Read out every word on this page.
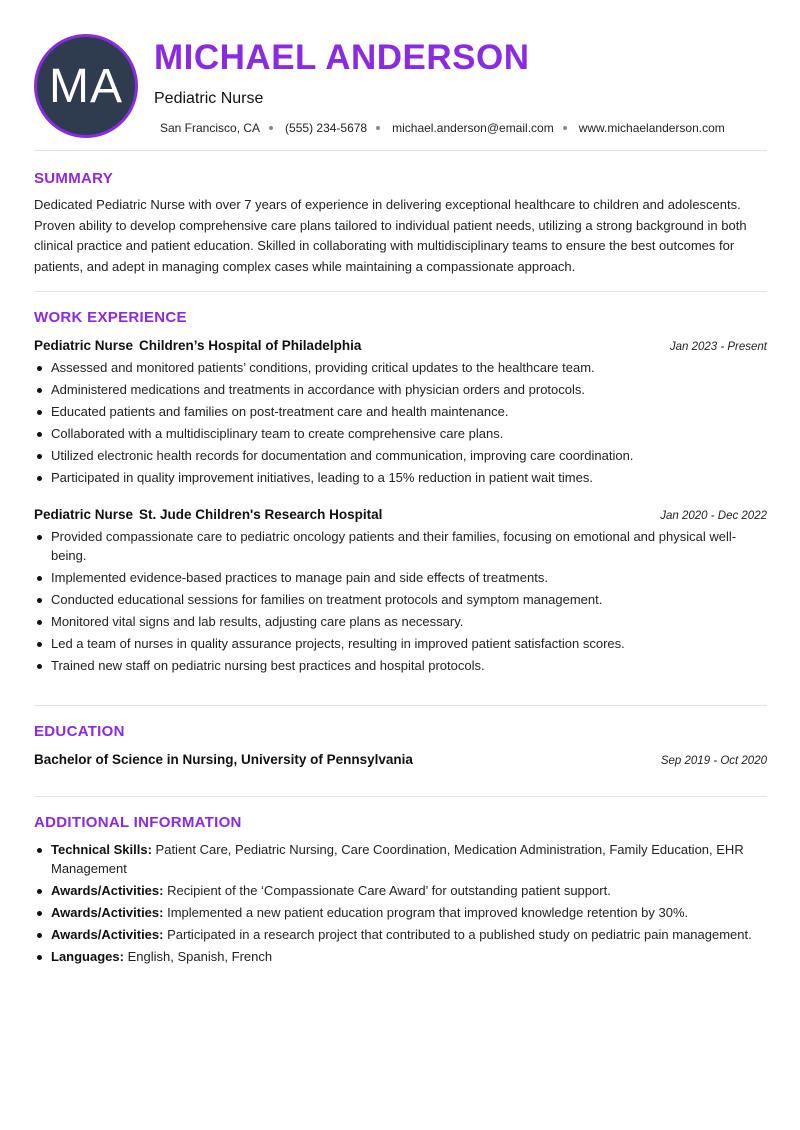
MA
MICHAEL ANDERSON
Pediatric Nurse
San Francisco, CA (555) 234-5678 michael.anderson@email.com www.michaelanderson.com
SUMMARY
Dedicated Pediatric Nurse with over 7 years of experience in delivering exceptional healthcare to children and adolescents. Proven ability to develop comprehensive care plans tailored to individual patient needs, utilizing a strong background in both clinical practice and patient education. Skilled in collaborating with multidisciplinary teams to ensure the best outcomes for patients, and adept in managing complex cases while maintaining a compassionate approach.
WORK EXPERIENCE
Pediatric Nurse Children’s Hospital of Philadelphia	Jan 2023 - Present
Assessed and monitored patients’ conditions, providing critical updates to the healthcare team.
Administered medications and treatments in accordance with physician orders and protocols.
Educated patients and families on post-treatment care and health maintenance.
Collaborated with a multidisciplinary team to create comprehensive care plans.
Utilized electronic health records for documentation and communication, improving care coordination.
Participated in quality improvement initiatives, leading to a 15% reduction in patient wait times.
Pediatric Nurse St. Jude Children's Research Hospital	Jan 2020 - Dec 2022
Provided compassionate care to pediatric oncology patients and their families, focusing on emotional and physical well-being.
Implemented evidence-based practices to manage pain and side effects of treatments.
Conducted educational sessions for families on treatment protocols and symptom management.
Monitored vital signs and lab results, adjusting care plans as necessary.
Led a team of nurses in quality assurance projects, resulting in improved patient satisfaction scores.
Trained new staff on pediatric nursing best practices and hospital protocols.
EDUCATION
Bachelor of Science in Nursing, University of Pennsylvania	Sep 2019 - Oct 2020
ADDITIONAL INFORMATION
Technical Skills: Patient Care, Pediatric Nursing, Care Coordination, Medication Administration, Family Education, EHR Management
Awards/Activities: Recipient of the ‘Compassionate Care Award’ for outstanding patient support.
Awards/Activities: Implemented a new patient education program that improved knowledge retention by 30%.
Awards/Activities: Participated in a research project that contributed to a published study on pediatric pain management.
Languages: English, Spanish, French
